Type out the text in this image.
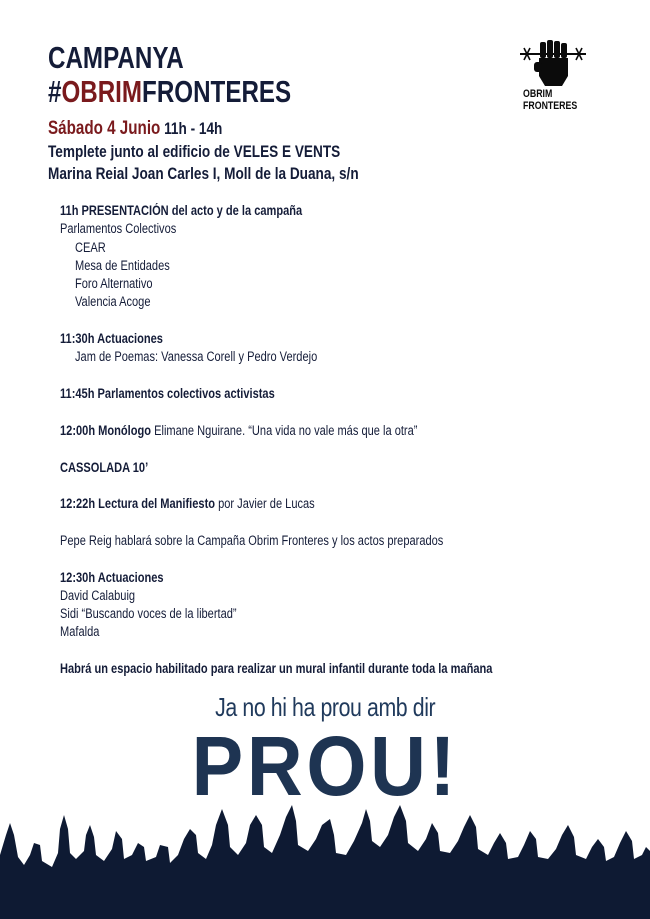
CAMPANYA
#OBRIMFRONTERES	OBRIM
FRONTERES
Sábado 4 Junio 11h - 14h
Templete junto al edificio de VELES E VENTS
Marina Reial Joan Carles I, Moll de la Duana, s/n
11h PRESENTACIÓN del acto y de la campaña
Parlamentos Colectivos
CEAR
Mesa de Entidades
Foro Alternativo
Valencia Acoge
11:30h Actuaciones
Jam de Poemas: Vanessa Corell y Pedro Verdejo
11:45h Parlamentos colectivos activistas
12:00h Monólogo Elimane Nguirane. “Una vida no vale más que la otra”
CASSOLADA 10’
12:22h Lectura del Manifiesto por Javier de Lucas
Pepe Reig hablará sobre la Campaña Obrim Fronteres y los actos preparados
12:30h Actuaciones
David Calabuig
Sidi “Buscando voces de la libertad”
Mafalda
Habrá un espacio habilitado para realizar un mural infantil durante toda la mañana
Ja no hi ha prou amb dir
PROU!
